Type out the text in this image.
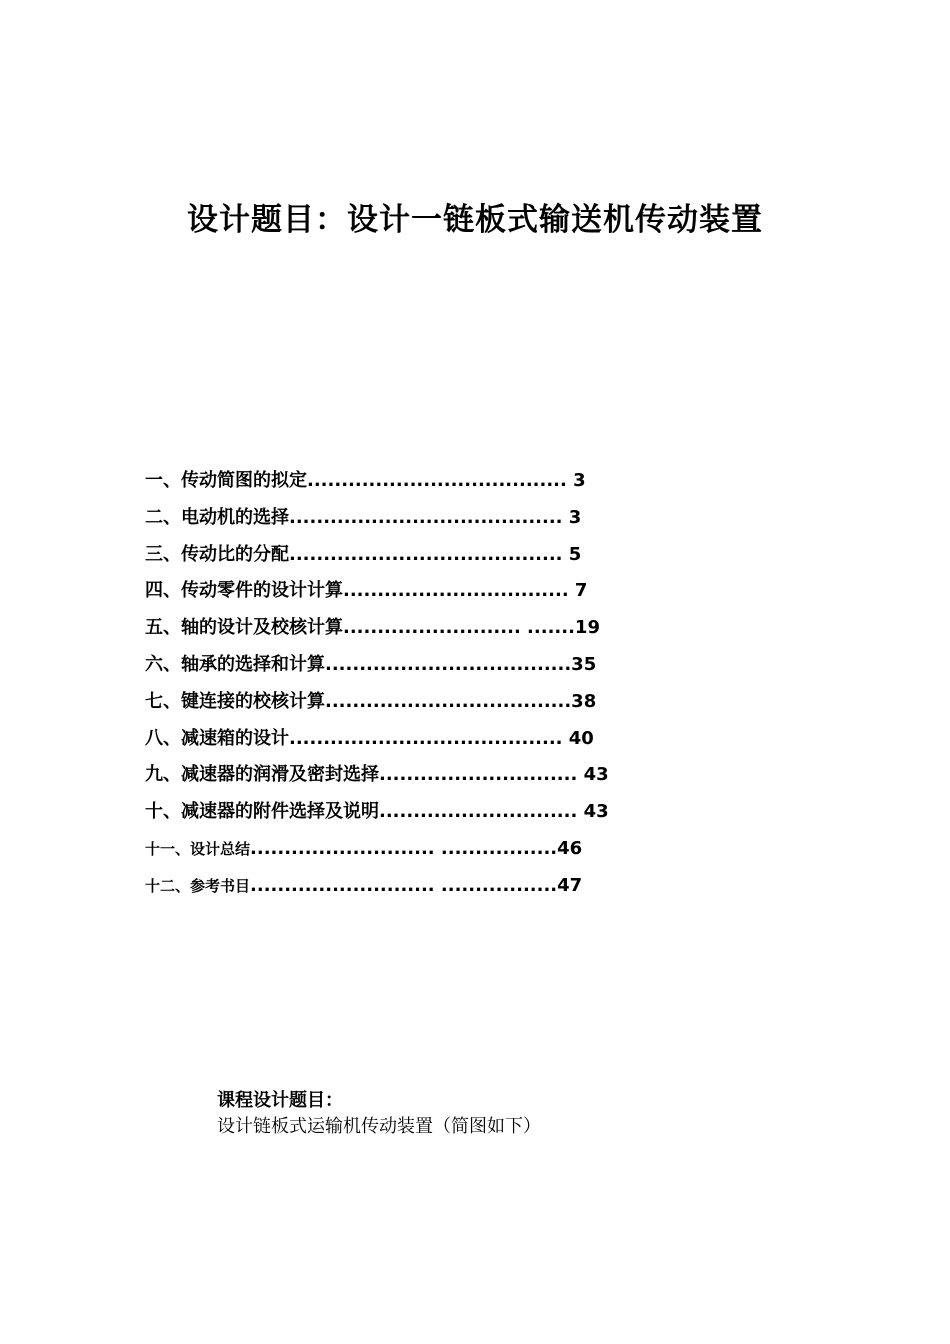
设计题目：设计一链板式输送机传动装置
一、传动简图的拟定...................................... 3
二、电动机的选择........................................ 3
三、传动比的分配........................................ 5
四、传动零件的设计计算................................. 7
五、轴的设计及校核计算.......................... .......19
六、轴承的选择和计算....................................35
七、键连接的校核计算....................................38
八、减速箱的设计........................................ 40
九、减速器的润滑及密封选择............................. 43
十、减速器的附件选择及说明............................. 43
十一、设计总结........................... .................46
十二、参考书目........................... .................47
课程设计题目：
设计链板式运输机传动装置（简图如下）
